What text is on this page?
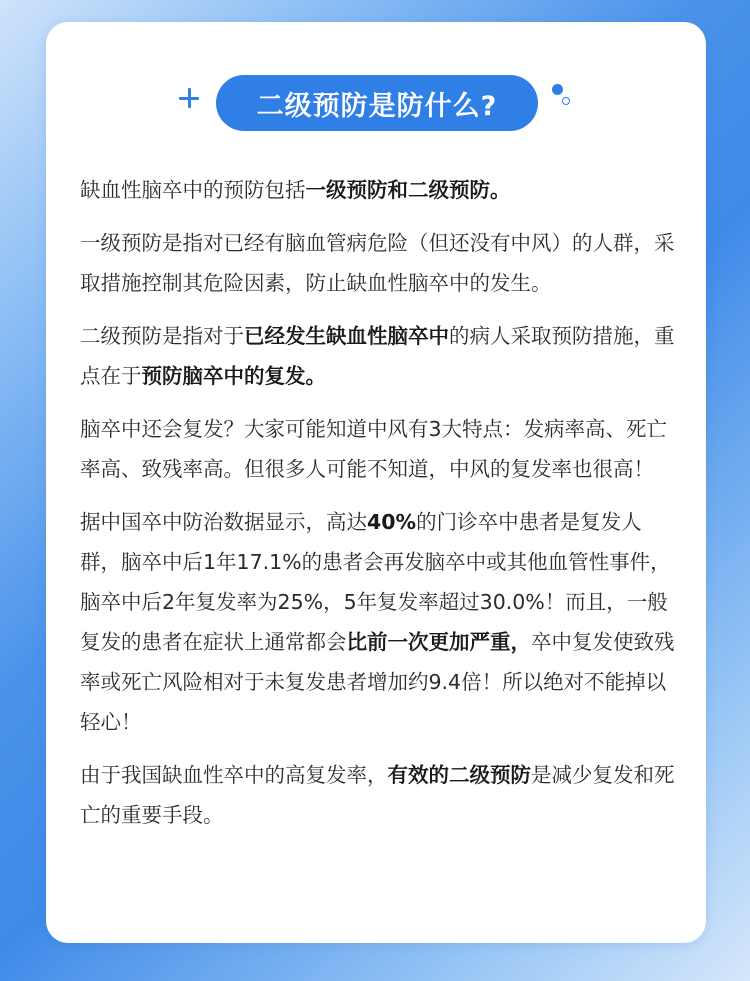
二级预防是防什么?

缺血性脑卒中的预防包括一级预防和二级预防。

一级预防是指对已经有脑血管病危险（但还没有中风）的人群，采取措施控制其危险因素，防止缺血性脑卒中的发生。

二级预防是指对于已经发生缺血性脑卒中的病人采取预防措施，重点在于预防脑卒中的复发。

脑卒中还会复发？大家可能知道中风有3大特点：发病率高、死亡率高、致残率高。但很多人可能不知道，中风的复发率也很高！

据中国卒中防治数据显示，高达40%的门诊卒中患者是复发人群，脑卒中后1年17.1%的患者会再发脑卒中或其他血管性事件，脑卒中后2年复发率为25%，5年复发率超过30.0%！而且，一般复发的患者在症状上通常都会比前一次更加严重，卒中复发使致残率或死亡风险相对于未复发患者增加约9.4倍！所以绝对不能掉以轻心！

由于我国缺血性卒中的高复发率，有效的二级预防是减少复发和死亡的重要手段。
